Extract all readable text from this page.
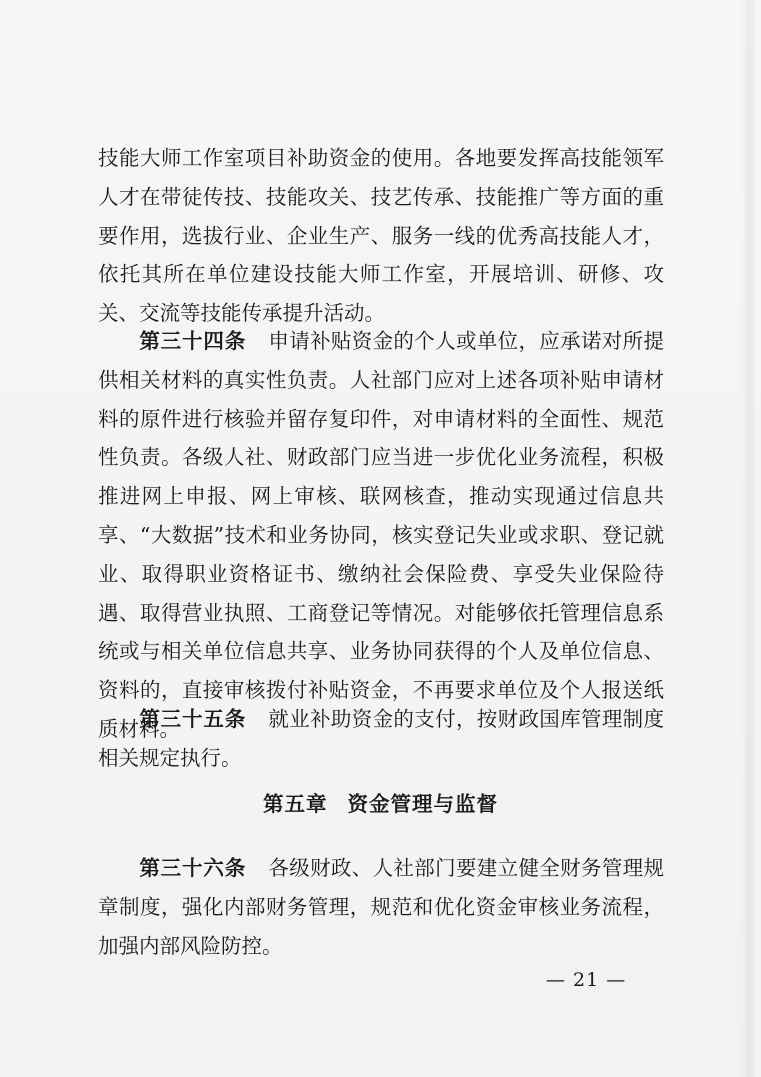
技能大师工作室项目补助资金的使用。各地要发挥高技能领军人才在带徒传技、技能攻关、技艺传承、技能推广等方面的重要作用，选拔行业、企业生产、服务一线的优秀高技能人才，依托其所在单位建设技能大师工作室，开展培训、研修、攻关、交流等技能传承提升活动。

第三十四条 申请补贴资金的个人或单位，应承诺对所提供相关材料的真实性负责。人社部门应对上述各项补贴申请材料的原件进行核验并留存复印件，对申请材料的全面性、规范性负责。各级人社、财政部门应当进一步优化业务流程，积极推进网上申报、网上审核、联网核查，推动实现通过信息共享、“大数据”技术和业务协同，核实登记失业或求职、登记就业、取得职业资格证书、缴纳社会保险费、享受失业保险待遇、取得营业执照、工商登记等情况。对能够依托管理信息系统或与相关单位信息共享、业务协同获得的个人及单位信息、资料的，直接审核拨付补贴资金，不再要求单位及个人报送纸质材料。

第三十五条 就业补助资金的支付，按财政国库管理制度相关规定执行。

第五章 资金管理与监督

第三十六条 各级财政、人社部门要建立健全财务管理规章制度，强化内部财务管理，规范和优化资金审核业务流程，加强内部风险防控。

— 21 —
